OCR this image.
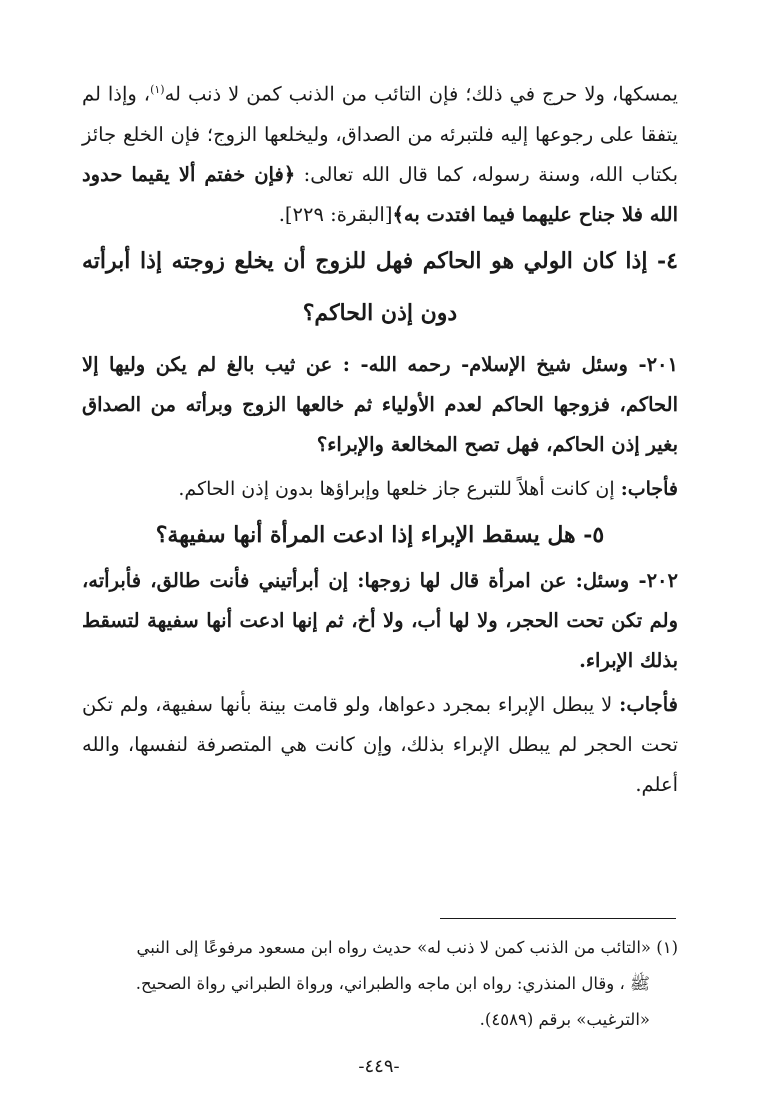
يمسكها، ولا حرج في ذلك؛ فإن التائب من الذنب كمن لا ذنب له$^{(١)}$، وإذا لم يتفقا على رجوعها إليه فلتبرئه من الصداق، وليخلعها الزوج؛ فإن الخلع جائز بكتاب الله، وسنة رسوله، كما قال الله تعالى: ﴿فإن خفتم ألا يقيما حدود الله فلا جناح عليهما فيما افتدت به﴾[البقرة: ٢٢٩].

٤- إذا كان الولي هو الحاكم فهل للزوج أن يخلع زوجته إذا أبرأته دون إذن الحاكم؟

٢٠١- وسئل شيخ الإسلام- رحمه الله- : عن ثيب بالغ لم يكن وليها إلا الحاكم، فزوجها الحاكم لعدم الأولياء ثم خالعها الزوج وبرأته من الصداق بغير إذن الحاكم، فهل تصح المخالعة والإبراء؟

فأجاب: إن كانت أهلاً للتبرع جاز خلعها وإبراؤها بدون إذن الحاكم.

٥- هل يسقط الإبراء إذا ادعت المرأة أنها سفيهة؟

٢٠٢- وسئل: عن امرأة قال لها زوجها: إن أبرأتيني فأنت طالق، فأبرأته، ولم تكن تحت الحجر، ولا لها أب، ولا أخ، ثم إنها ادعت أنها سفيهة لتسقط بذلك الإبراء.

فأجاب: لا يبطل الإبراء بمجرد دعواها، ولو قامت بينة بأنها سفيهة، ولم تكن تحت الحجر لم يبطل الإبراء بذلك، وإن كانت هي المتصرفة لنفسها، والله أعلم.

(١) «التائب من الذنب كمن لا ذنب له» حديث رواه ابن مسعود مرفوعًا إلى النبي

ﷺ ، وقال المنذري: رواه ابن ماجه والطبراني، ورواة الطبراني رواة الصحيح.

«الترغيب» برقم (٤٥٨٩).

-٤٤٩-
